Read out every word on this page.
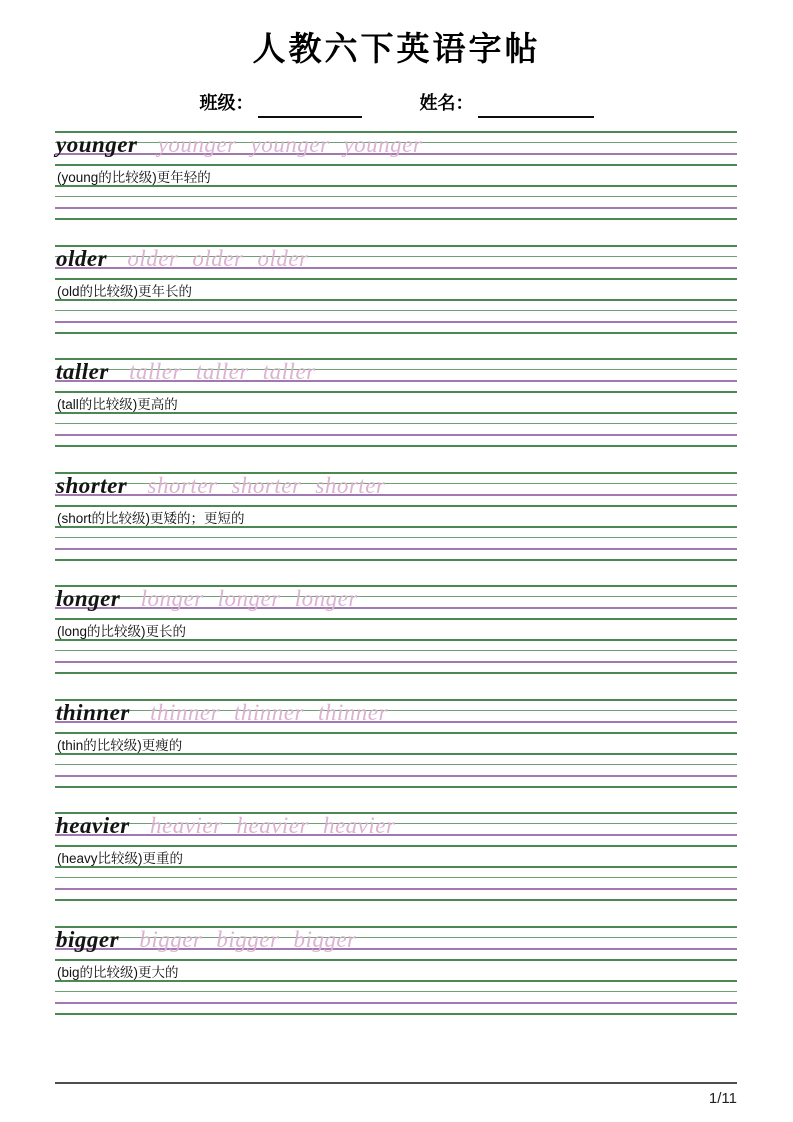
人教六下英语字帖
班级：	姓名：
younger younger younger younger
(young的比较级)更年轻的
older older older older
(old的比较级)更年长的
taller taller taller taller
(tall的比较级)更高的
shorter shorter shorter shorter
(short的比较级)更矮的；更短的
longer longer longer longer
(long的比较级)更长的
thinner thinner thinner thinner
(thin的比较级)更瘦的
heavier heavier heavier heavier
(heavy比较级)更重的
bigger bigger bigger bigger
(big的比较级)更大的
1/11
